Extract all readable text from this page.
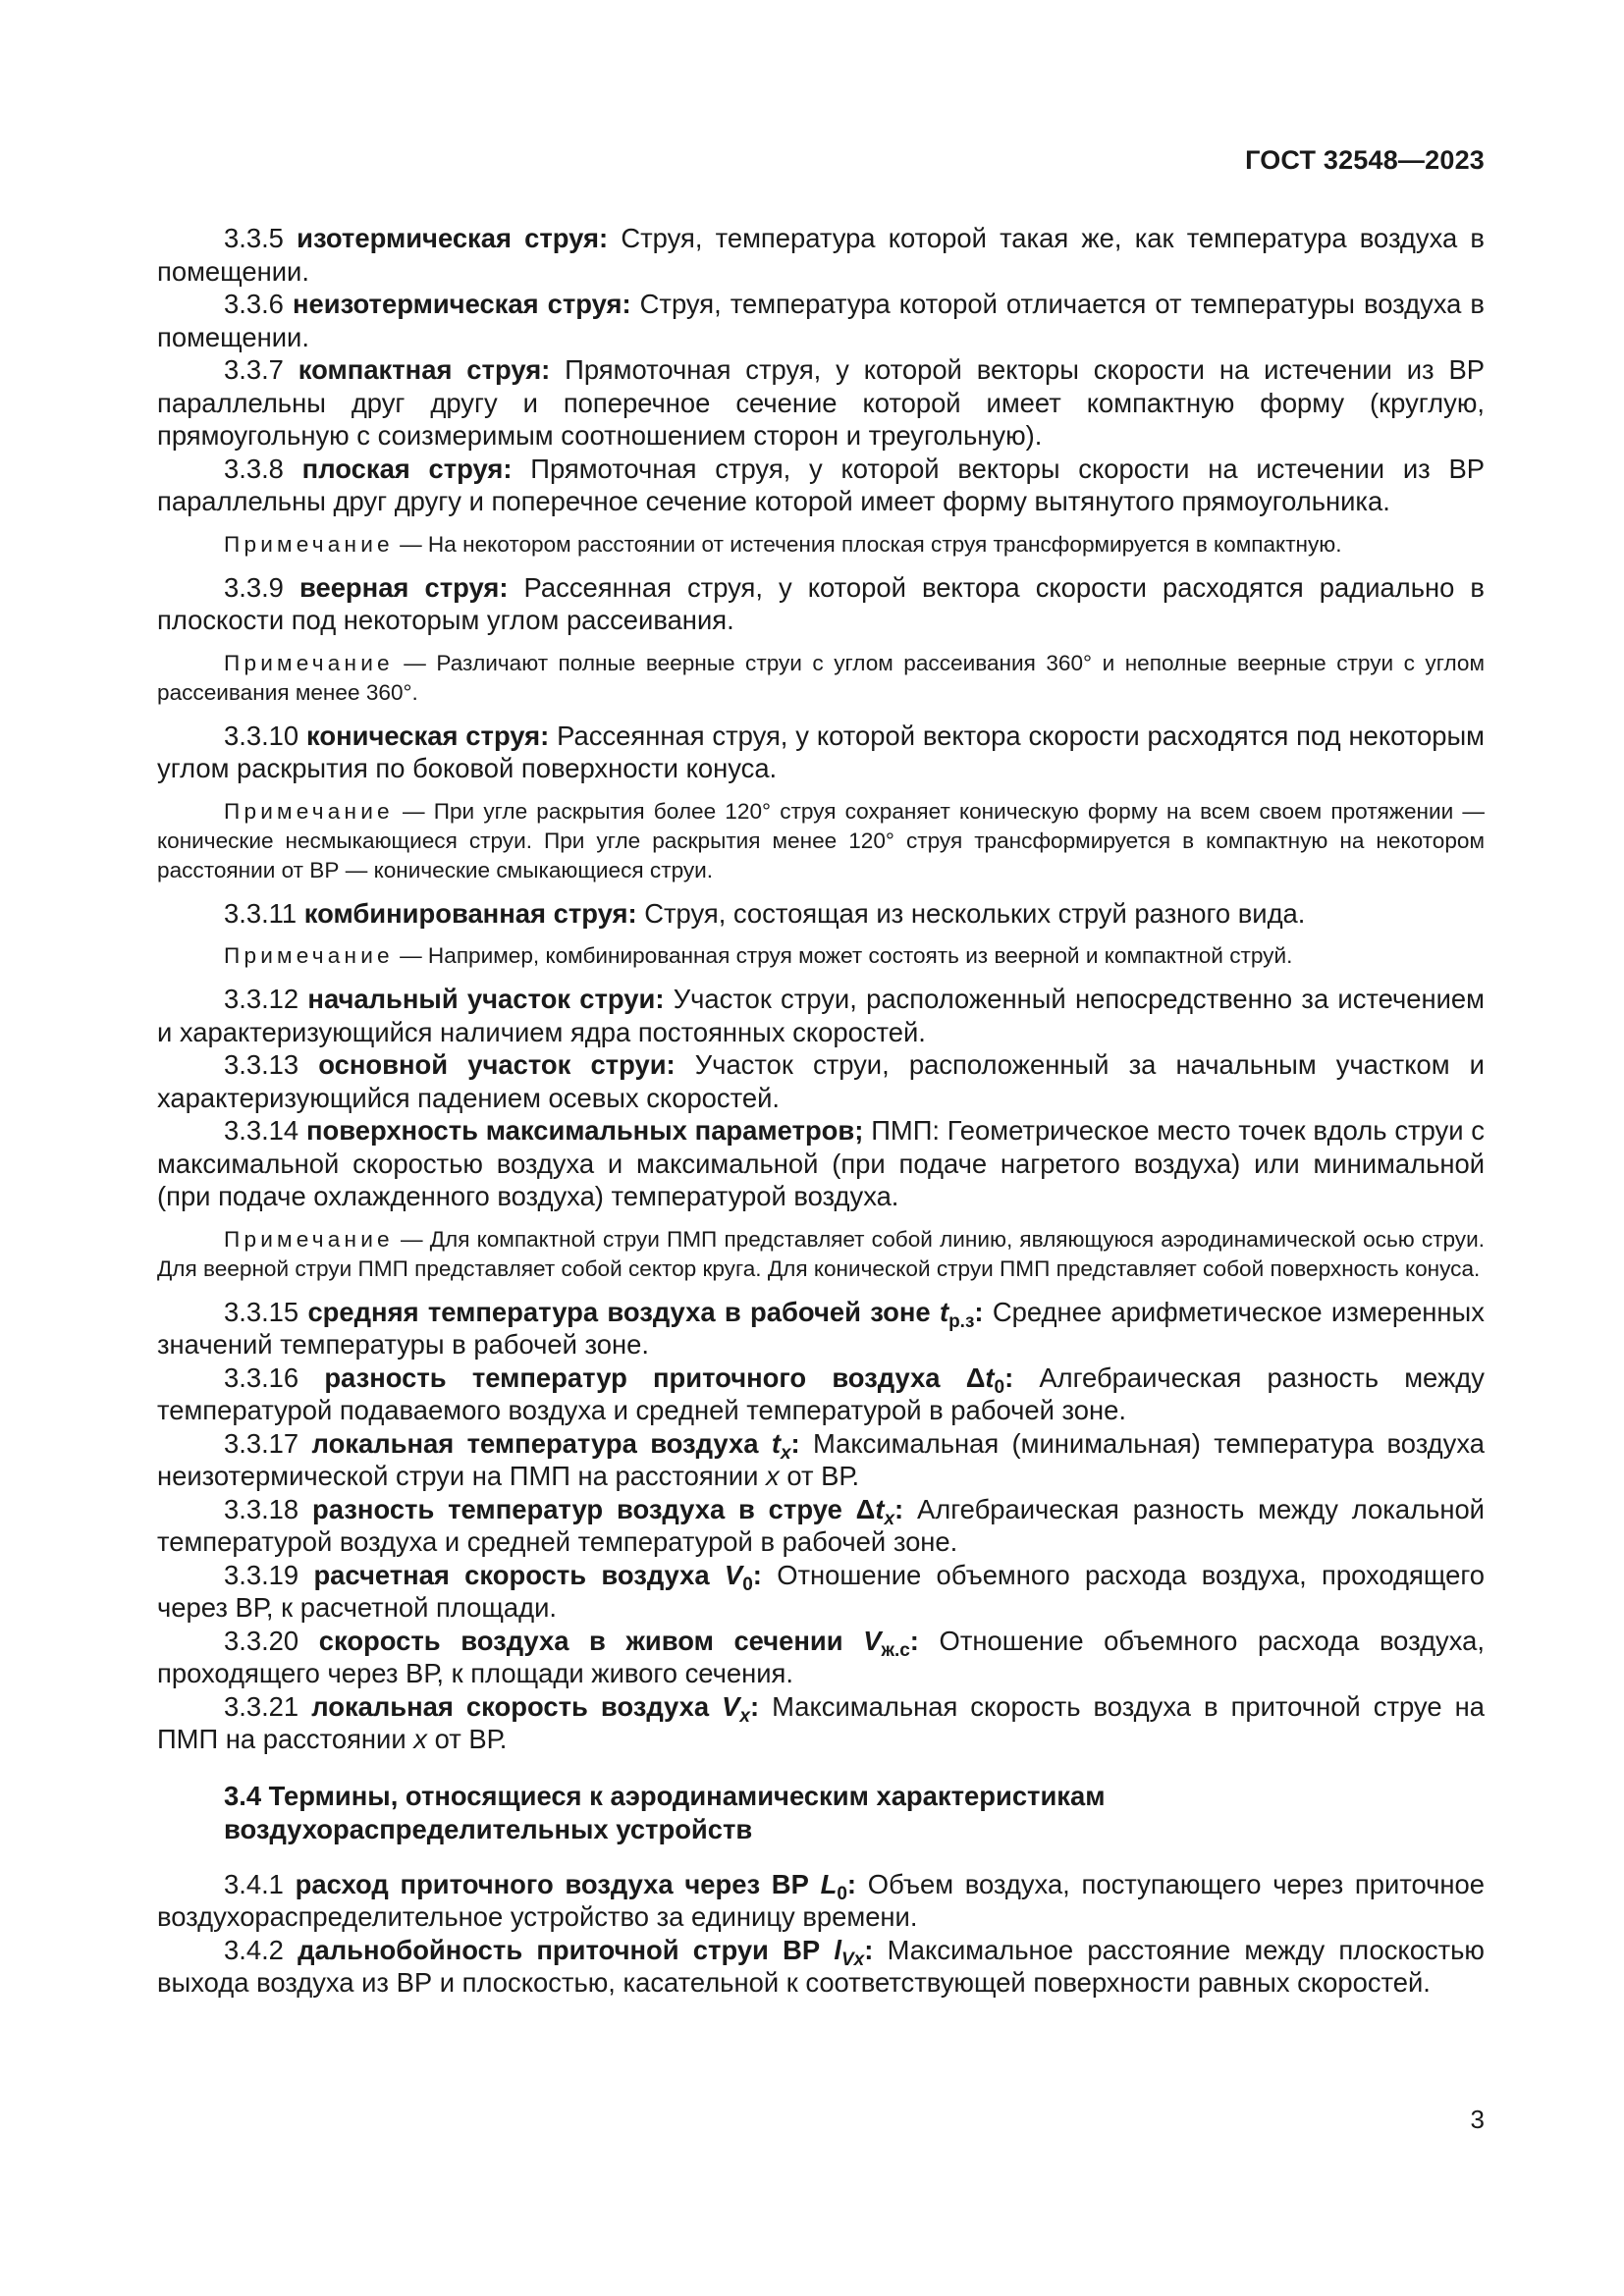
ГОСТ 32548—2023

3.3.5 изотермическая струя: Струя, температура которой такая же, как температура воздуха в помещении.

3.3.6 неизотермическая струя: Струя, температура которой отличается от температуры воздуха в помещении.

3.3.7 компактная струя: Прямоточная струя, у которой векторы скорости на истечении из ВР параллельны друг другу и поперечное сечение которой имеет компактную форму (круглую, прямоугольную с соизмеримым соотношением сторон и треугольную).

3.3.8 плоская струя: Прямоточная струя, у которой векторы скорости на истечении из ВР параллельны друг другу и поперечное сечение которой имеет форму вытянутого прямоугольника.

Примечание — На некотором расстоянии от истечения плоская струя трансформируется в компактную.

3.3.9 веерная струя: Рассеянная струя, у которой вектора скорости расходятся радиально в плоскости под некоторым углом рассеивания.

Примечание — Различают полные веерные струи с углом рассеивания 360° и неполные веерные струи с углом рассеивания менее 360°.

3.3.10 коническая струя: Рассеянная струя, у которой вектора скорости расходятся под некоторым углом раскрытия по боковой поверхности конуса.

Примечание — При угле раскрытия более 120° струя сохраняет коническую форму на всем своем протяжении — конические несмыкающиеся струи. При угле раскрытия менее 120° струя трансформируется в компактную на некотором расстоянии от ВР — конические смыкающиеся струи.

3.3.11 комбинированная струя: Струя, состоящая из нескольких струй разного вида.

Примечание — Например, комбинированная струя может состоять из веерной и компактной струй.

3.3.12 начальный участок струи: Участок струи, расположенный непосредственно за истечением и характеризующийся наличием ядра постоянных скоростей.

3.3.13 основной участок струи: Участок струи, расположенный за начальным участком и характеризующийся падением осевых скоростей.

3.3.14 поверхность максимальных параметров; ПМП: Геометрическое место точек вдоль струи с максимальной скоростью воздуха и максимальной (при подаче нагретого воздуха) или минимальной (при подаче охлажденного воздуха) температурой воздуха.

Примечание — Для компактной струи ПМП представляет собой линию, являющуюся аэродинамической осью струи. Для веерной струи ПМП представляет собой сектор круга. Для конической струи ПМП представляет собой поверхность конуса.

3.3.15 средняя температура воздуха в рабочей зоне $t_{р.з}$: Среднее арифметическое измеренных значений температуры в рабочей зоне.

3.3.16 разность температур приточного воздуха $\Delta t_0$: Алгебраическая разность между температурой подаваемого воздуха и средней температурой в рабочей зоне.

3.3.17 локальная температура воздуха $t_x$: Максимальная (минимальная) температура воздуха неизотермической струи на ПМП на расстоянии x от ВР.

3.3.18 разность температур воздуха в струе $\Delta t_x$: Алгебраическая разность между локальной температурой воздуха и средней температурой в рабочей зоне.

3.3.19 расчетная скорость воздуха $V_0$: Отношение объемного расхода воздуха, проходящего через ВР, к расчетной площади.

3.3.20 скорость воздуха в живом сечении $V_{ж.с}$: Отношение объемного расхода воздуха, проходящего через ВР, к площади живого сечения.

3.3.21 локальная скорость воздуха $V_x$: Максимальная скорость воздуха в приточной струе на ПМП на расстоянии x от ВР.

3.4 Термины, относящиеся к аэродинамическим характеристикам
воздухораспределительных устройств

3.4.1 расход приточного воздуха через ВР $L_0$: Объем воздуха, поступающего через приточное воздухораспределительное устройство за единицу времени.

3.4.2 дальнобойность приточной струи ВР $l_{Vx}$: Максимальное расстояние между плоскостью выхода воздуха из ВР и плоскостью, касательной к соответствующей поверхности равных скоростей.

3
